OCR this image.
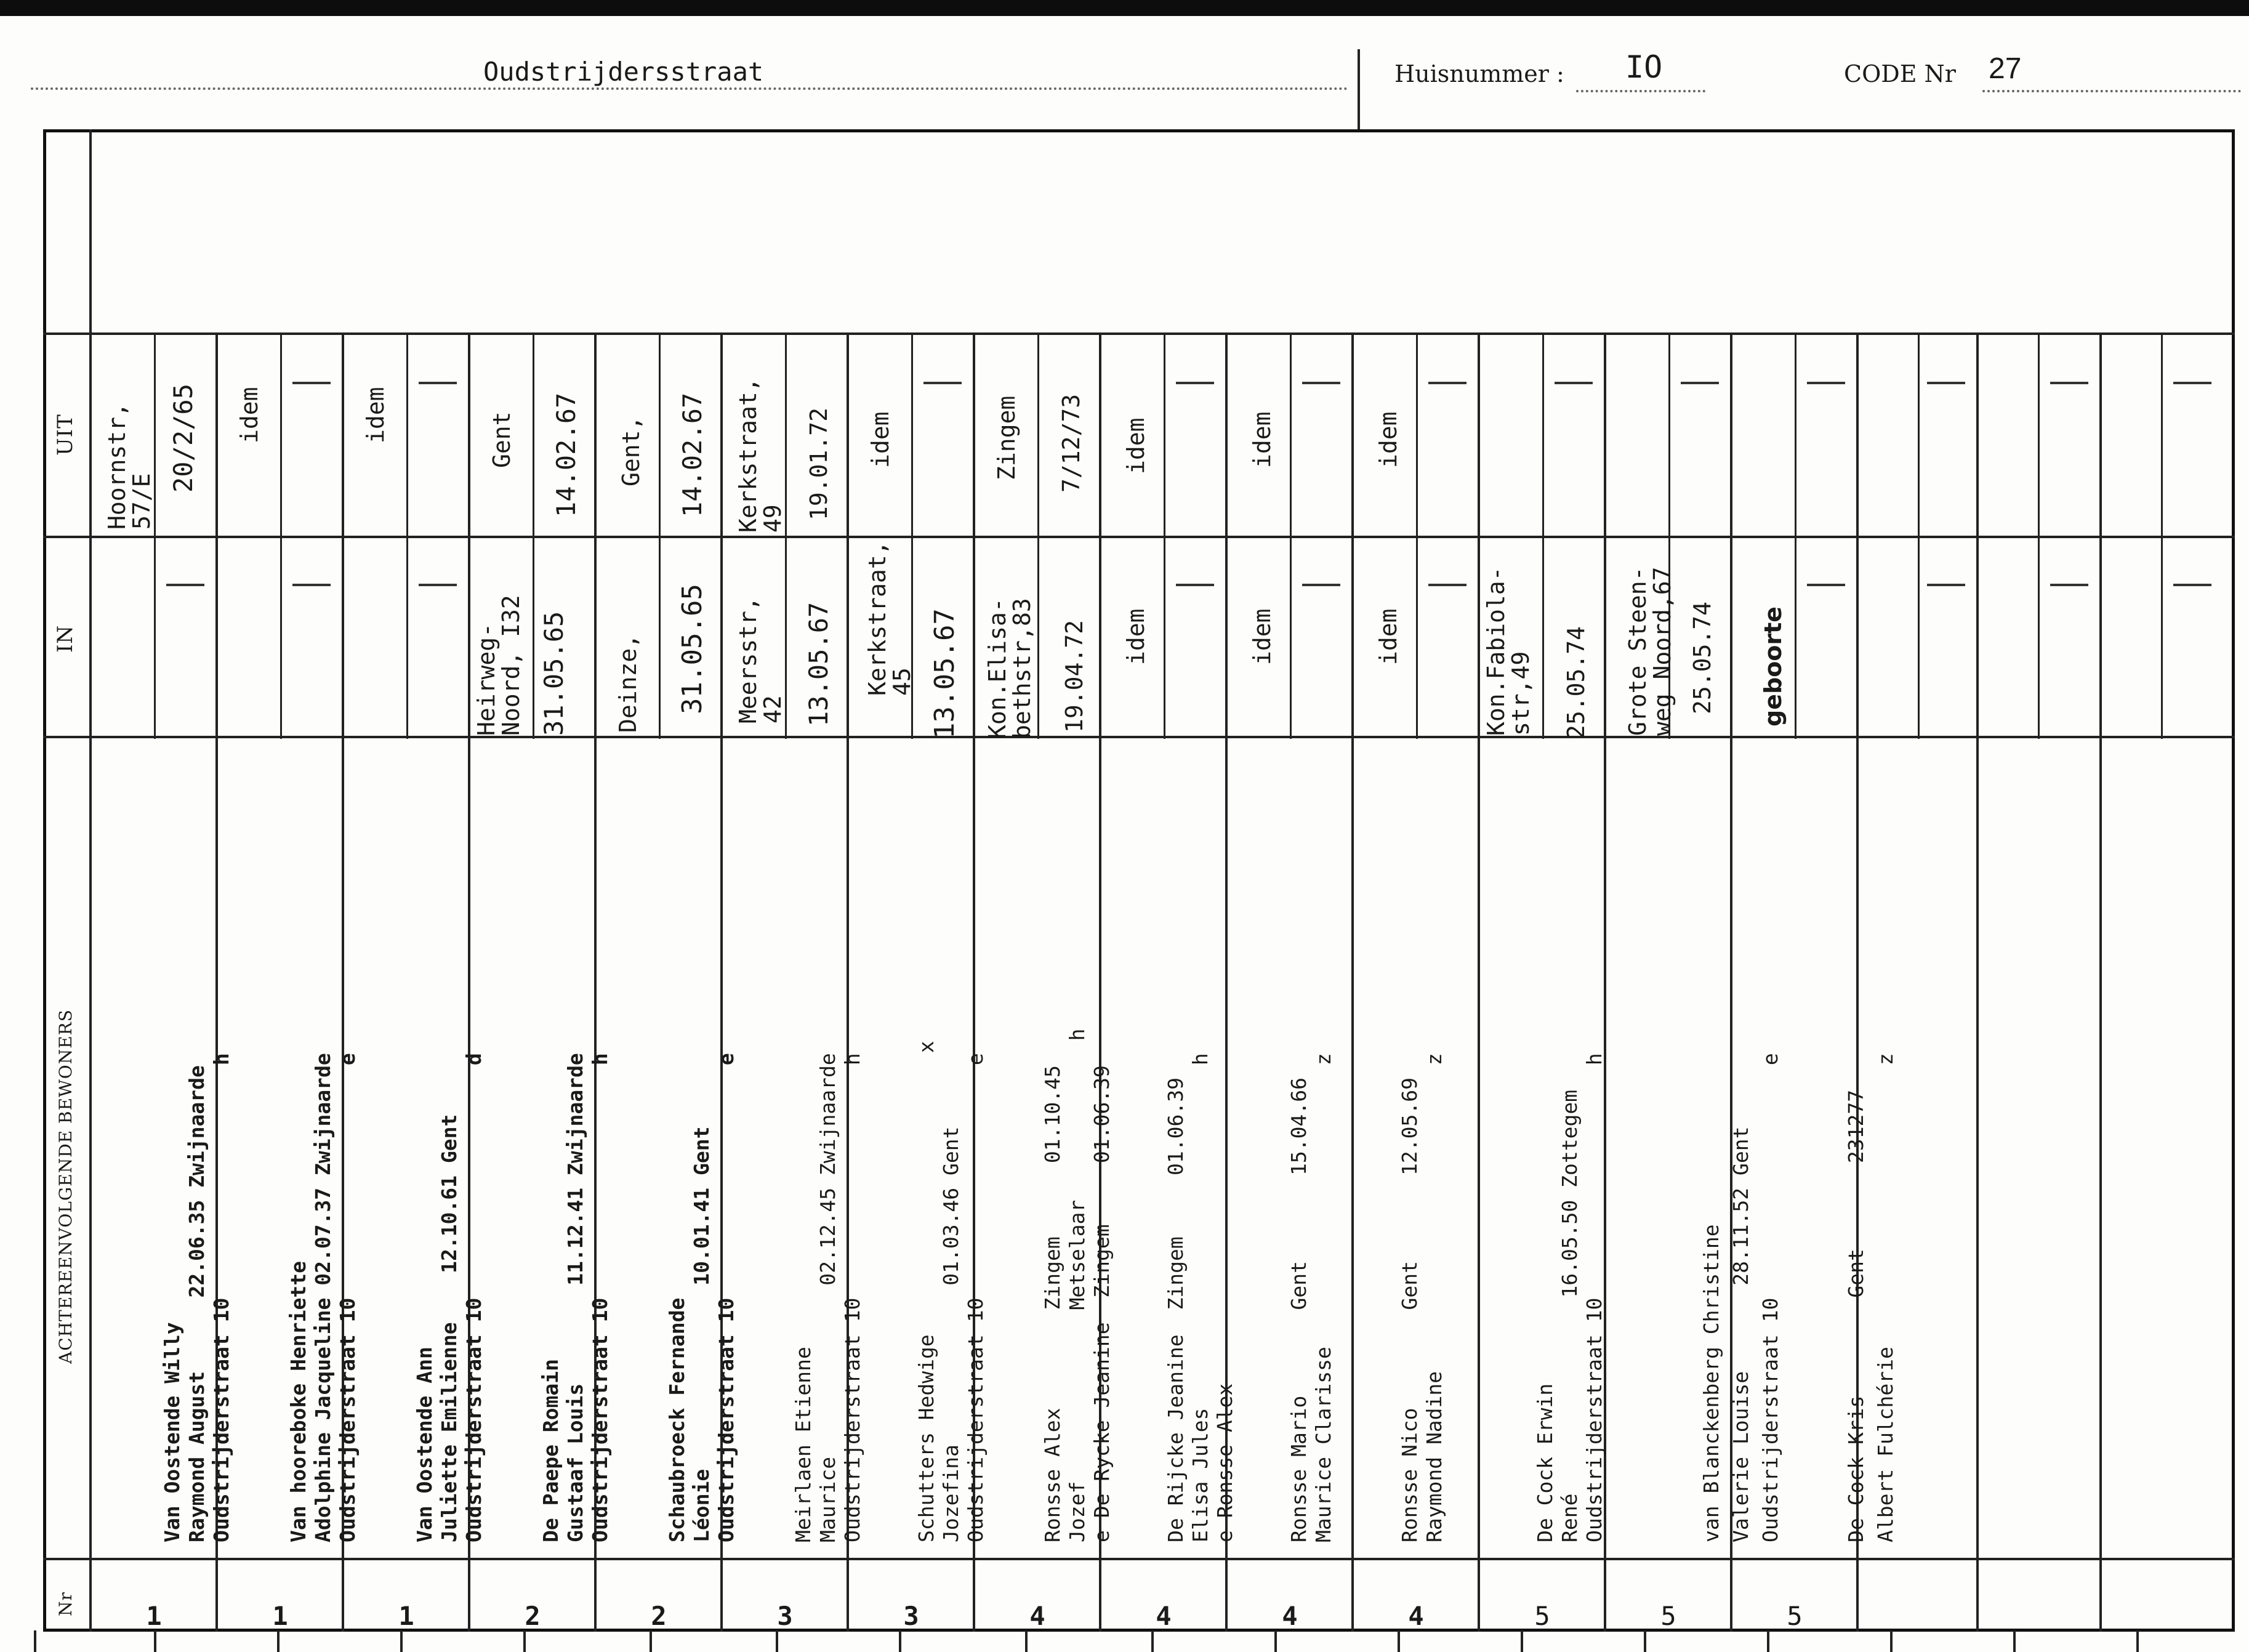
Oudstrijdersstraat	Huisnummer : IO	CODE Nr 27
Nr
ACHTEREENVOLGENDE BEWONERS
IN
UIT
1

Van Oostende Willy Raymond August      22.06.35 Zwijnaarde Oudstrijderstraat 10                   h

Hoornstr,
57/E
20/2/65
1

Van hooreboke Henriette Adolphine Jacqueline 02.07.37 Zwijnaarde Oudstrijderstraat 10                   e

idem
1

Van Oostende Ann Juliette Emilienne    12.10.61 Gent Oudstrijderstraat 10                   d

idem
2

De Paepe Romain Gustaaf Louis        11.12.41 Zwijnaarde Oudstrijderstraat 10                   h

Heirweg-
Noord, I32 31.05.65
Gent 14.02.67
2

Schaubroeck Fernande Léonie               10.01.41 Gent Oudstrijderstraat 10                   e

Deinze, 31.05.65
Gent, 14.02.67
3

Meirlaen Etienne Maurice              02.12.45 Zwijnaarde Oudstrijderstraat 10                   h

Meersstr,
42 13.05.67
Kerkstraat,
49 19.01.72
3

Schutters Hedwige                       x Jozefina             01.03.46 Gent Oudstrijderstraat 10                   e

Kerkstraat,
45 13.05.67
idem
4

Ronsse Alex        Zingem      01.10.45 Jozef              Metselaar             h e De Rycke Jeanine  Zingem     01.06.39

Kon.Elisa-
bethstr,83 19.04.72
Zingem 7/12/73
4

De Rijcke Jeanine  Zingem     01.06.39 Elisa Jules                            h e Ronsse Alex

idem
idem
4

Ronsse Mario       Gent       15.04.66 Maurice Clarisse                       z

idem
idem
4

Ronsse Nico        Gent       12.05.69 Raymond Nadine                         z

idem
idem
5

De Cock Erwin René                16.05.50 Zottegem Oudstrijderstraat 10                   h

Kon.Fabiola-
str,49 25.05.74
5

van Blanckenberg Christine Valerie Louise       28.11.52 Gent Oudstrijderstraat 10                   e

Grote Steen-
weg Noord,67 25.05.74
5

De Cock Kris        Gent       231277 Albert Fulchérie                       z

geboorte
